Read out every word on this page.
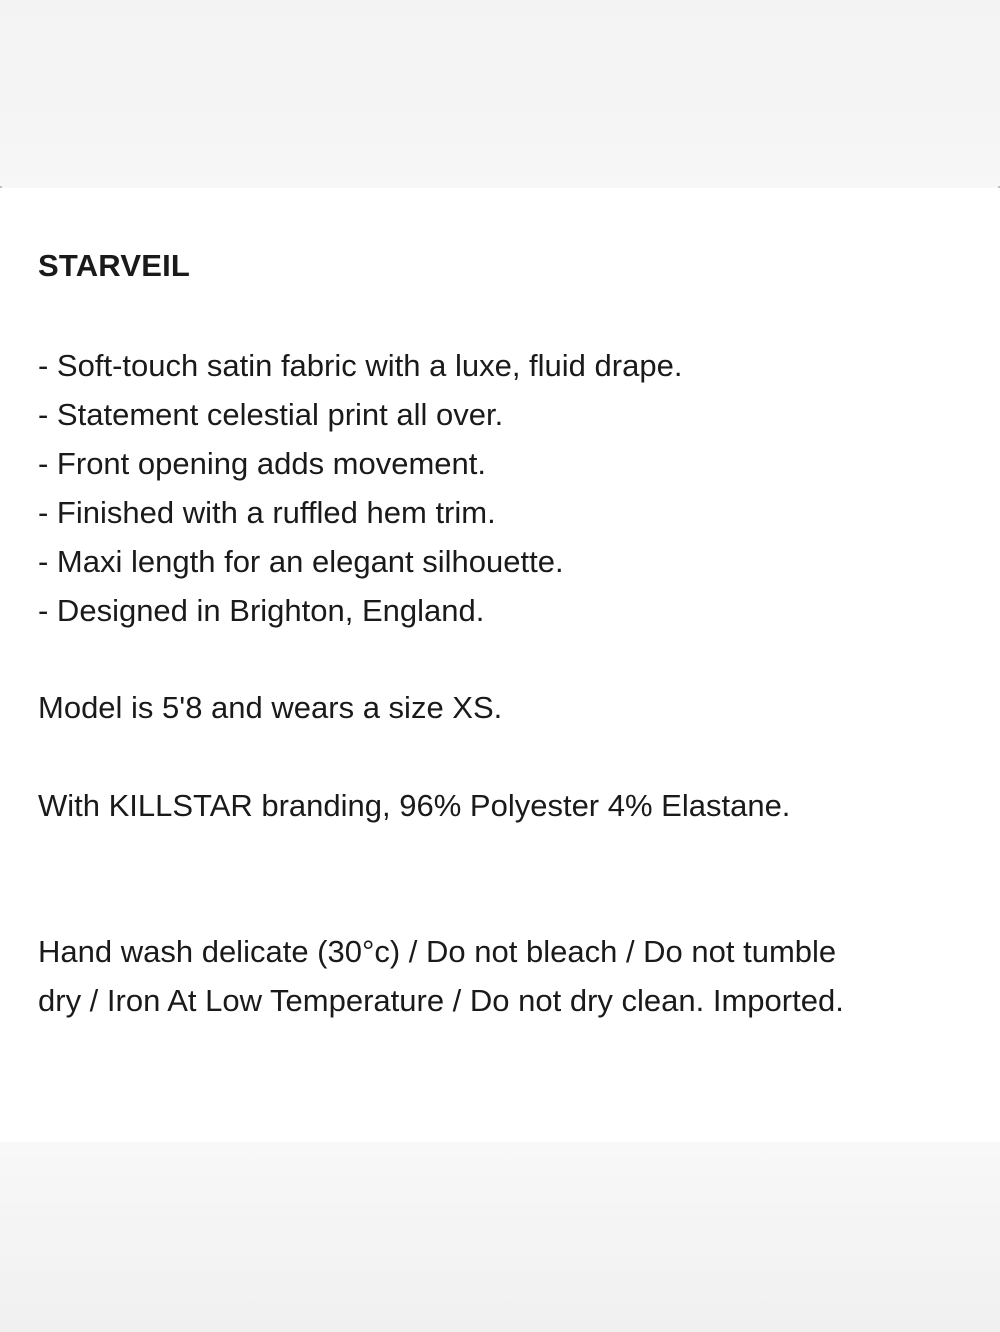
STARVEIL
- Soft-touch satin fabric with a luxe, fluid drape.
- Statement celestial print all over.
- Front opening adds movement.
- Finished with a ruffled hem trim.
- Maxi length for an elegant silhouette.
- Designed in Brighton, England.

Model is 5'8 and wears a size XS.

With KILLSTAR branding, 96% Polyester 4% Elastane.

Hand wash delicate (30°c) / Do not bleach / Do not tumble
dry / Iron At Low Temperature / Do not dry clean. Imported.
